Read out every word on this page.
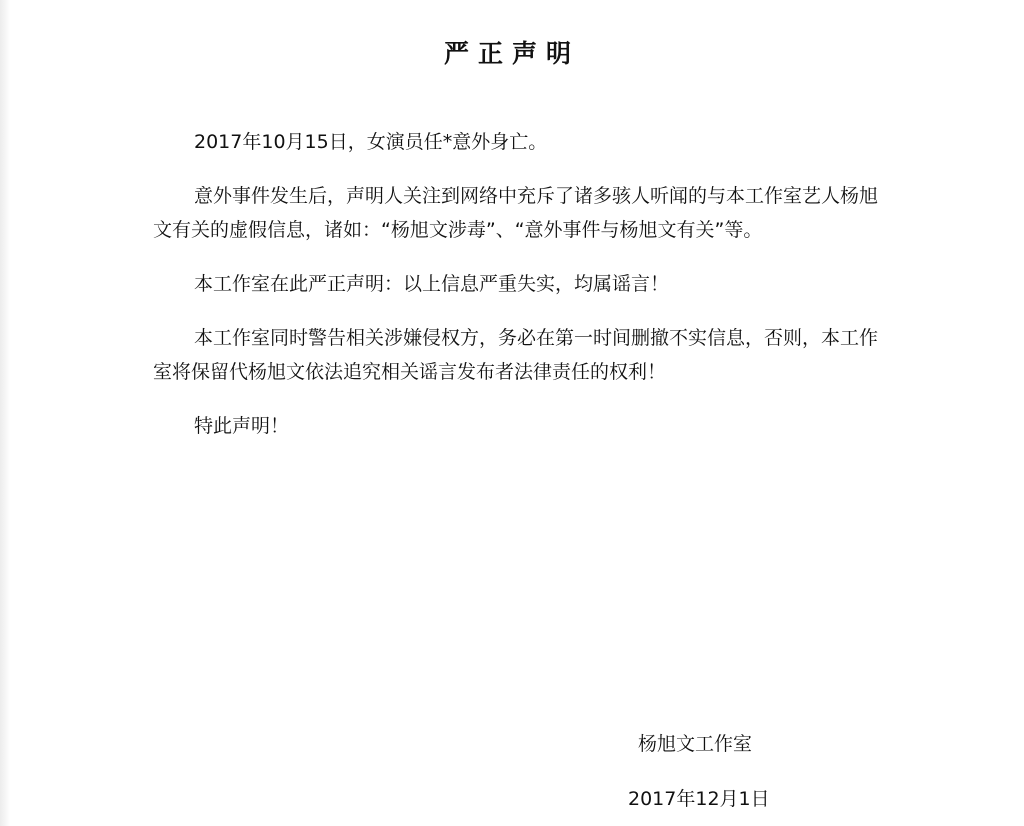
严正声明

2017年10月15日，女演员任*意外身亡。

意外事件发生后，声明人关注到网络中充斥了诸多骇人听闻的与本工作室艺人杨旭文有关的虚假信息，诸如：“杨旭文涉毒”、“意外事件与杨旭文有关”等。

本工作室在此严正声明：以上信息严重失实，均属谣言！

本工作室同时警告相关涉嫌侵权方，务必在第一时间删撤不实信息，否则，本工作室将保留代杨旭文依法追究相关谣言发布者法律责任的权利！

特此声明！

杨旭文工作室
2017年12月1日
